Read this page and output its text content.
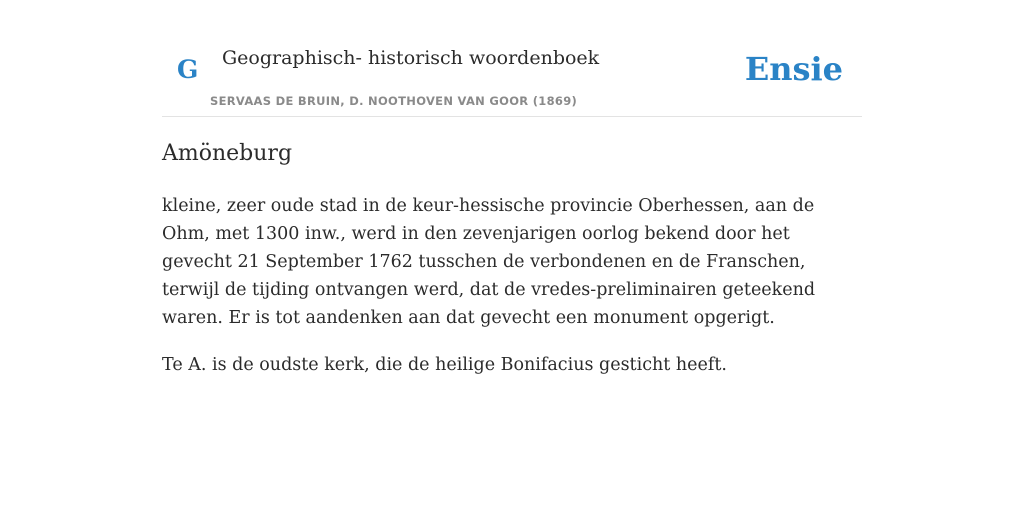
G Geographisch- historisch woordenboek
SERVAAS DE BRUIN, D. NOOTHOVEN VAN GOOR (1869)
Ensie
Amöneburg

kleine, zeer oude stad in de keur-hessische provincie Oberhessen, aan de Ohm, met 1300 inw., werd in den zevenjarigen oorlog bekend door het gevecht 21 September 1762 tusschen de verbondenen en de Franschen, terwijl de tijding ontvangen werd, dat de vredes-preliminairen geteekend waren. Er is tot aandenken aan dat gevecht een monument opgerigt.

Te A. is de oudste kerk, die de heilige Bonifacius gesticht heeft.
